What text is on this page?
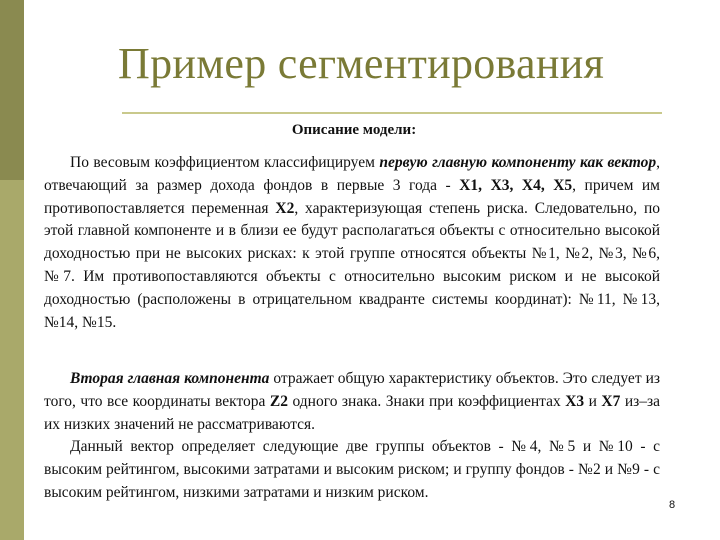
Пример сегментирования
Описание модели:
По весовым коэффициентом классифицируем первую главную компоненту как вектор, отвечающий за размер дохода фондов в первые 3 года - Х1, Х3, Х4, Х5, причем им противопоставляется переменная Х2, характеризующая степень риска. Следовательно, по этой главной компоненте и в близи ее будут располагаться объекты с относительно высокой доходностью при не высоких рисках: к этой группе относятся объекты №1, №2, №3, №6, №7. Им противопоставляются объекты с относительно высоким риском и не высокой доходностью (расположены в отрицательном квадранте системы координат): №11, №13, №14, №15.
Вторая главная компонента отражает общую характеристику объектов. Это следует из того, что все координаты вектора Z2 одного знака. Знаки при коэффициентах Х3 и Х7 из–за их низких значений не рассматриваются.
Данный вектор определяет следующие две группы объектов - №4, №5 и №10 - с высоким рейтингом, высокими затратами и высоким риском; и группу фондов - №2 и №9 - с высоким рейтингом, низкими затратами и низким риском.
8
